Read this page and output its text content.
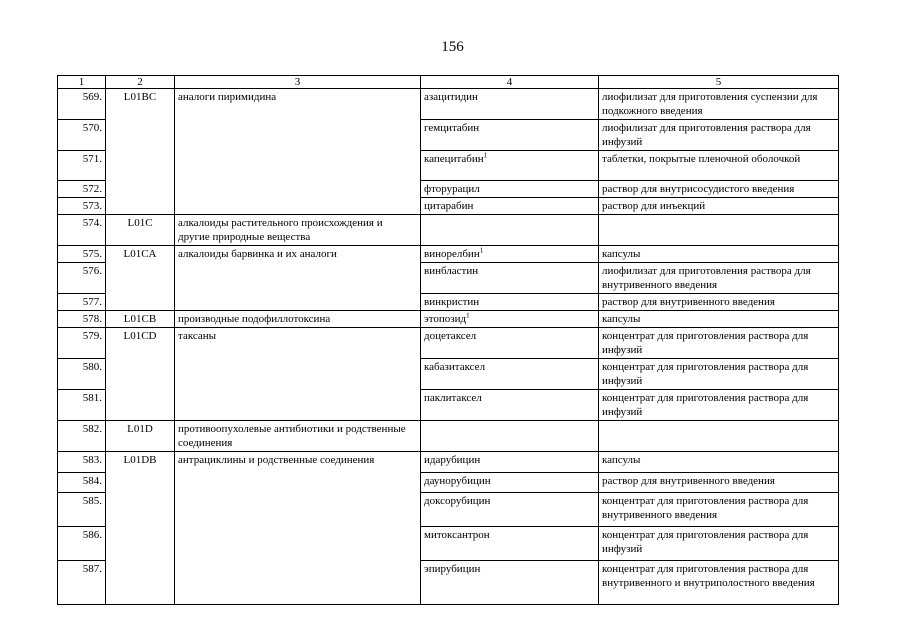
156
1	2	3	4	5
569.	L01BC	аналоги пиримидина	азацитидин	лиофилизат для приготовления суспензии для подкожного введения
570.			гемцитабин	лиофилизат для приготовления раствора для инфузий
571.			капецитабин$^1$	таблетки, покрытые пленочной оболочкой
572.			фторурацил	раствор для внутрисосудистого введения
573.			цитарабин	раствор для инъекций
574.	L01C	алкалоиды растительного происхождения и другие природные вещества		
575.	L01CA	алкалоиды барвинка и их аналоги	винорелбин$^1$	капсулы
576.			винбластин	лиофилизат для приготовления раствора для внутривенного введения
577.			винкристин	раствор для внутривенного введения
578.	L01CB	производные подофиллотоксина	этопозид$^1$	капсулы
579.	L01CD	таксаны	доцетаксел	концентрат для приготовления раствора для инфузий
580.			кабазитаксел	концентрат для приготовления раствора для инфузий
581.			паклитаксел	концентрат для приготовления раствора для инфузий
582.	L01D	противоопухолевые антибиотики и родственные соединения		
583.	L01DB	антрациклины и родственные соединения	идарубицин	капсулы
584.			даунорубицин	раствор для внутривенного введения
585.			доксорубицин	концентрат для приготовления раствора для внутривенного введения
586.			митоксантрон	концентрат для приготовления раствора для инфузий
587.			эпирубицин	концентрат для приготовления раствора для внутривенного и внутриполостного введения
